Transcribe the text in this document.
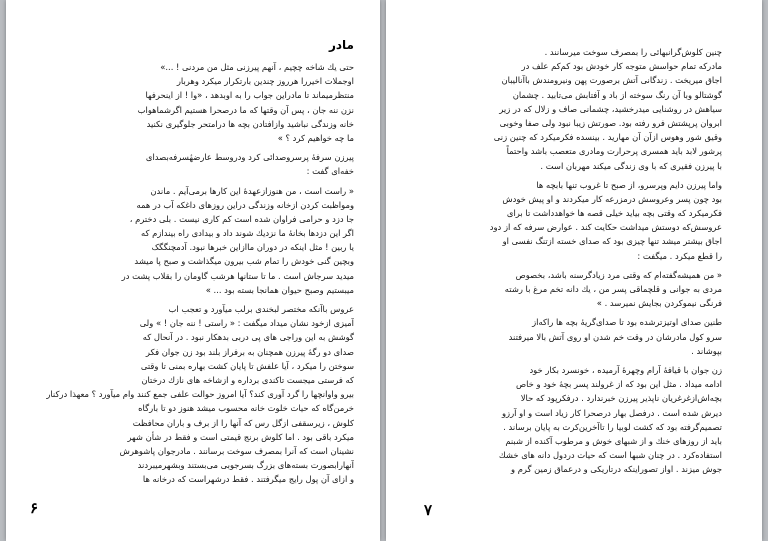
مادر
حتی یك شاخه چچیم ، آنهم پیرزنی مثل من مردنی ! ...»
اوجملات اخیررا هرروز چندین بارتکرار میکرد وهربار
منتظرمیماند تا مادراین جواب را به اوبدهد ، «وا ! از اینحرفها
نزن ننه جان ، پس آن وقتها که ما درصحرا هستیم اگرشماهواب
خانه وزندگی نباشید وازافتادن بچه ها درامتحر جلوگیری نکنید
ما چه خواهیم کرد ؟ »
پیرزن سرفۀ پرسروصدائی کرد ودروسط عارضهٔسرفه‌بصدای
خفه‌ای گفت :
« راست است ، من هنوزازعهدهٔ این کارها برمی‌آیم . ماندن
ومواظبت کردن ازخانه وزندگی دراین روزهای داغکه آب در همه
جا دزد و حرامی فراوان شده است کم کاری نیست . بلی دخترم ،
اگر این دزدها بخانهٔ ما نزدیك شوند داد و بیدادی راه بیندازم که
یا ربین ! مثل اینکه در دوران ماازاین خبرها نبود. آدمچنگگک
وبچین گنی خودش را تمام شب بیرون میگذاشت و صبح پا میشد
میدید سرجاش است . ما تا ستانها هرشب گاومان را بقلاب پشت در
میبستیم وصبح حیوان همانجا بسته بود ... »
عروس باآنکه مختصر لبخندی برلب میآورد و تعجب اب
آمیزی ازخود نشان میداد میگفت : « راستی ! ننه جان ! » ولی
گوشش به این وراجی های پی دربی بدهکار نبود . در آنحال که
صدای دو رگۀ پیرزن همچنان به برفراز بلند بود زن جوان فکر
سوختن را میکرد ، آیا علفش تا پایان کشت بهاره بمنی تا وقتی
که فرستی میجست تاکندی برداره و ازشاخه های نازك درختان
بیرو واوانچها را گرد آوری کند؟ آیا امروز حوالت علفی جمع کنند وام میآورد ؟ معهذا درکنار
خرمن‌گاه که حیات خلوت خانه محسوب میشد هنوز دو تا بارگاه
کلوش ، زیرسقفی ازگل رس که آنها را از برف و باران محافظت
میکرد باقی بود . اما کلوش برنج قیمتی است و فقط در شأن شهر
نشینان است که آنرا بمصرف سوخت برسانند . مادرجوان پاشوهرش
آنهارابصورت بسته‌های بزرگ بسرجوبی می‌بستند وبشهرمیبردند
و ازای آن پول رایج میگرفتند . فقط درشهراست که درخانه ها
۶
چنین کلوش‌گرانبهائی را بمصرف سوخت میرسانند .
مادرکه تمام حواسش متوجه کار خودش بود کم‌کم علف در
اجاق میریخت . زندگانی آتش برصورت پهن ونیرومندش باآنالیبان
گوشتالو وبا آن رنگ سوخته از باد و آفتابش می‌تابید . چشمان
سیاهش در روشنایی میدرخشید، چشمانی صاف و زلال که در زیر
ابروان پرپشتش فرو رفته بود. صورتش زیبا نبود ولی صفا وخوبی
وقیق شور وهوس ازآن آن مهارید . بینسده فکرمیکرد که چنین زنی
پرشور لابد باید همسری پرحرارت ومادری متعصب باشد واحتماً
با پیرزن فقیری که با وی زندگی میکند مهربان است .
واما پیرزن دایم وپرسرو، از صبح تا غروب تنها بابچه ها
بود چون پسر وعروسش درمزرعه کار میکردند و او پیش خودش
فکرمیکرد که وقتی بچه بیاید خیلی قصه ها خواهدداشت تا برای
عروسش‌که دوستش میداشت حکایت کند . عوارض سرفه که از دود
اجاق بیشتر میشد تنها چیزی بود که صدای خسته ازتنگ نفسی او
را قطع میکرد . میگفت :
« من همیشه‌گفته‌ام که وقتی مرد زیادگرسنه باشد، بخصوص
مردی به جوانی و قلچماقی پسر من ، یك دانه تخم مرغ با رشته
فرنگی نیموکردن بجایش نمیرسد . »
طنین صدای اوتیزترشده بود تا صدای‌گریۀ بچه ها راکه‌از
سرو کول مادرشان در وقت خم شدن او روی آتش بالا میرفتند
بپوشاند .
زن جوان با قیافهٔ آرام وچهرهٔ آرمیده ، خونسرد بکار خود
ادامه میداد . مثل این بود که از غرولند پسر بچۀ خود و خاص
بچه‌اش‌ازغرغریان ناپذیر پیرزن خبرندارد . درفکرپود که حالا
دیرش شده است . درفصل بهار درصحرا کار زیاد است و او آرزو
تصمیم‌گرفته بود که کشت لوبیا را تاآخرین‌کرت به پایان برساند .
باید از روزهای خنك و از شبهای خوش و مرطوب آکنده از شبنم
استفاده‌کرد . در چنان شبها است که حیات دردول دانه های خشك
جوش میزند . اواز تصوراینکه درتاریکی و درعماق زمین گرم و
۷
